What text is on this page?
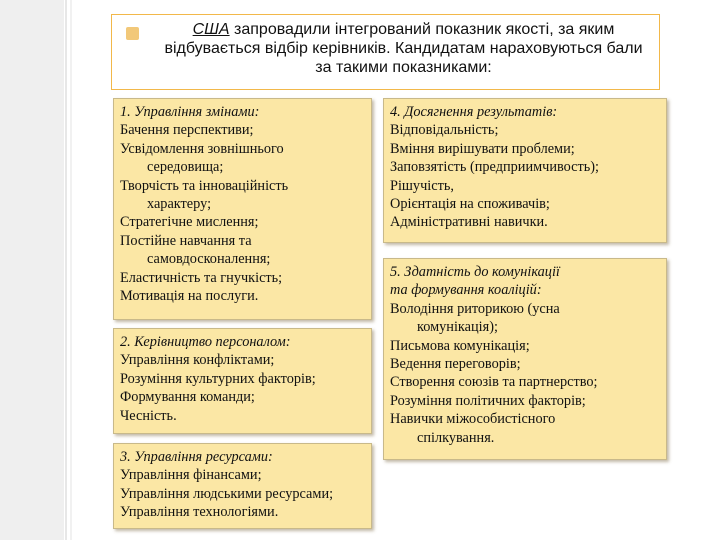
США запровадили інтегрований показник якості, за яким відбувається відбір керівників. Кандидатам нараховуються бали за такими показниками:
1. Управління змінами:
Бачення перспективи;
Усвідомлення зовнішнього
середовища;
Творчість та інноваційність
характеру;
Стратегічне мислення;
Постійне навчання та
самовдосконалення;
Еластичність та гнучкість;
Мотивація на послуги.
2. Керівництво персоналом:
Управління конфліктами;
Розуміння культурних факторів;
Формування команди;
Чесність.
3. Управління ресурсами:
Управління фінансами;
Управління людськими ресурсами;
Управління технологіями.
4. Досягнення результатів:
Відповідальність;
Вміння вирішувати проблеми;
Заповзятість (предприимчивость);
Рішучість,
Орієнтація на споживачів;
Адміністративні навички.
5. Здатність до комунікації
та формування коаліцій:
Володіння риторикою (усна
комунікація);
Письмова комунікація;
Ведення переговорів;
Створення союзів та партнерство;
Розуміння політичних факторів;
Навички міжособистісного
спілкування.
